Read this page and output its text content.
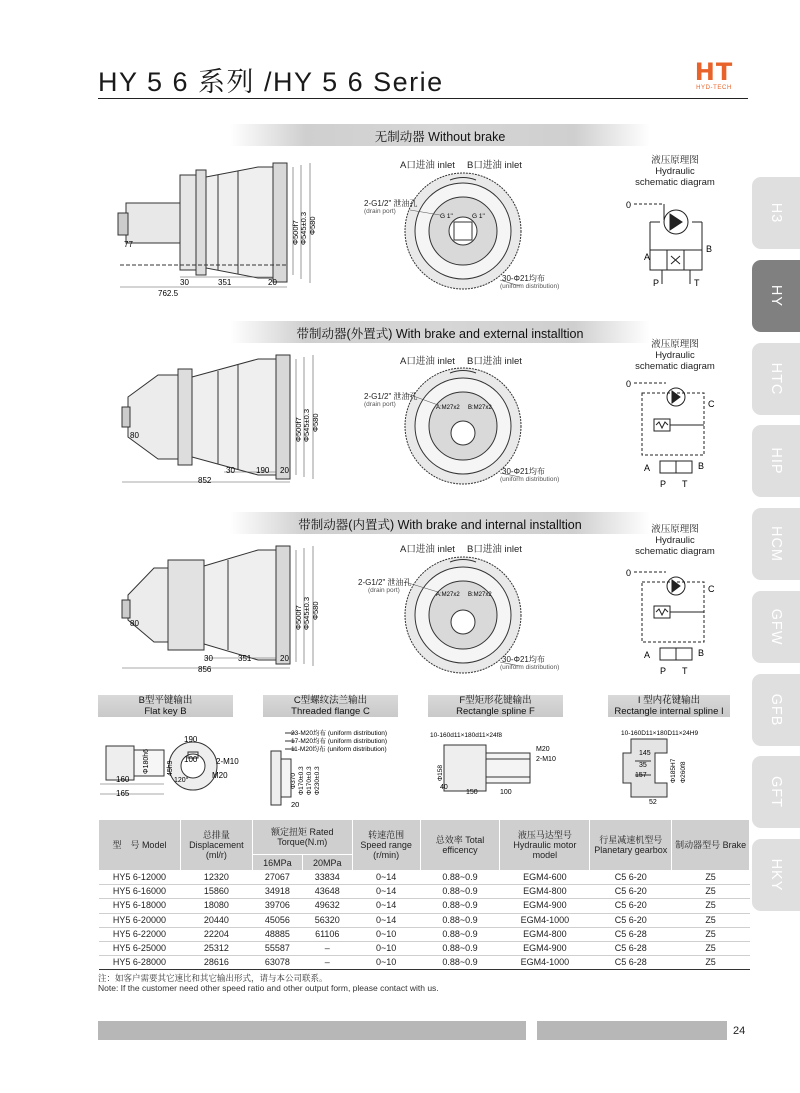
HY 5 6 系列 /HY 5 6 Serie	HT
HYD-TECH
H3
HY
HTC
HIP
HCM
GFW
GFB
GFT
HKY
无制动器 Without brake
762.5
351
30	20
77	Φ500f7 Φ545±0.3 Φ580
A口进油 inlet B口进油 inlet
G 1"	G 1"
2-G1/2" 泄油孔
(drain port)
30-Φ21均布
(uniform distribution)
液压原理图
Hydraulic
schematic diagram
0
A
B
P	T
带制动器(外置式) With brake and external installtion
852
190
30	20
80	Φ500f7 Φ545±0.3 Φ580
A口进油 inlet B口进油 inlet
A:M27x2 B:M27x2
2-G1/2" 泄油孔
(drain port)
30-Φ21均布
(uniform distribution)
液压原理图
Hydraulic
schematic diagram
0
C
A	B
P T
带制动器(内置式) With brake and internal installtion
856
351
30	20
80	Φ500f7 Φ545±0.3 Φ580
A口进油 inlet B口进油 inlet
A:M27x2 B:M27x2
2-G1/2" 泄油孔
(drain port)
30-Φ21均布
(uniform distribution)
液压原理图
Hydraulic
schematic diagram
0
C
A	B
P T
B型平键输出
Flat key B
C型螺纹法兰输出
Threaded flange C
F型矩形花键输出
Rectangle spline F
I 型内花键输出
Rectangle internal spline I
190
100 2-M10
M20
120°
45h9
Φ180h6
160
165
23-M20均布 (uniform distribution)
17-M20均布 (uniform distribution)
11-M20均布 (uniform distribution)
Φ370 Φ170±0.3 Φ170±0.3 Φ230±0.3
20
10-160d11×180d11×24f8
M20
2-M10
Φ158
40
150	100
10-160D11×180D11×24H9
145
35
157	Φ185H7 Φ260f8
52
型　号 Model	总排量 Displacement (ml/r)	额定扭矩 Rated Torque(N.m)		转速范围 Speed range (r/min)	总效率 Total efficency	液压马达型号 Hydraulic motor model	行星减速机型号 Planetary gearbox	制动器型号 Brake
		16MPa	20MPa					
HY5 6-12000	12320	27067	33834	0~14	0.88~0.9	EGM4-600	C5 6-20	Z5
HY5 6-16000	15860	34918	43648	0~14	0.88~0.9	EGM4-800	C5 6-20	Z5
HY5 6-18000	18080	39706	49632	0~14	0.88~0.9	EGM4-900	C5 6-20	Z5
HY5 6-20000	20440	45056	56320	0~14	0.88~0.9	EGM4-1000	C5 6-20	Z5
HY5 6-22000	22204	48885	61106	0~10	0.88~0.9	EGM4-800	C5 6-28	Z5
HY5 6-25000	25312	55587	–	0~10	0.88~0.9	EGM4-900	C5 6-28	Z5
HY5 6-28000	28616	63078	–	0~10	0.88~0.9	EGM4-1000	C5 6-28	Z5
注：如客户需要其它速比和其它输出形式，请与本公司联系。
Note: If the customer need other speed ratio and other output form, please contact with us.
24
